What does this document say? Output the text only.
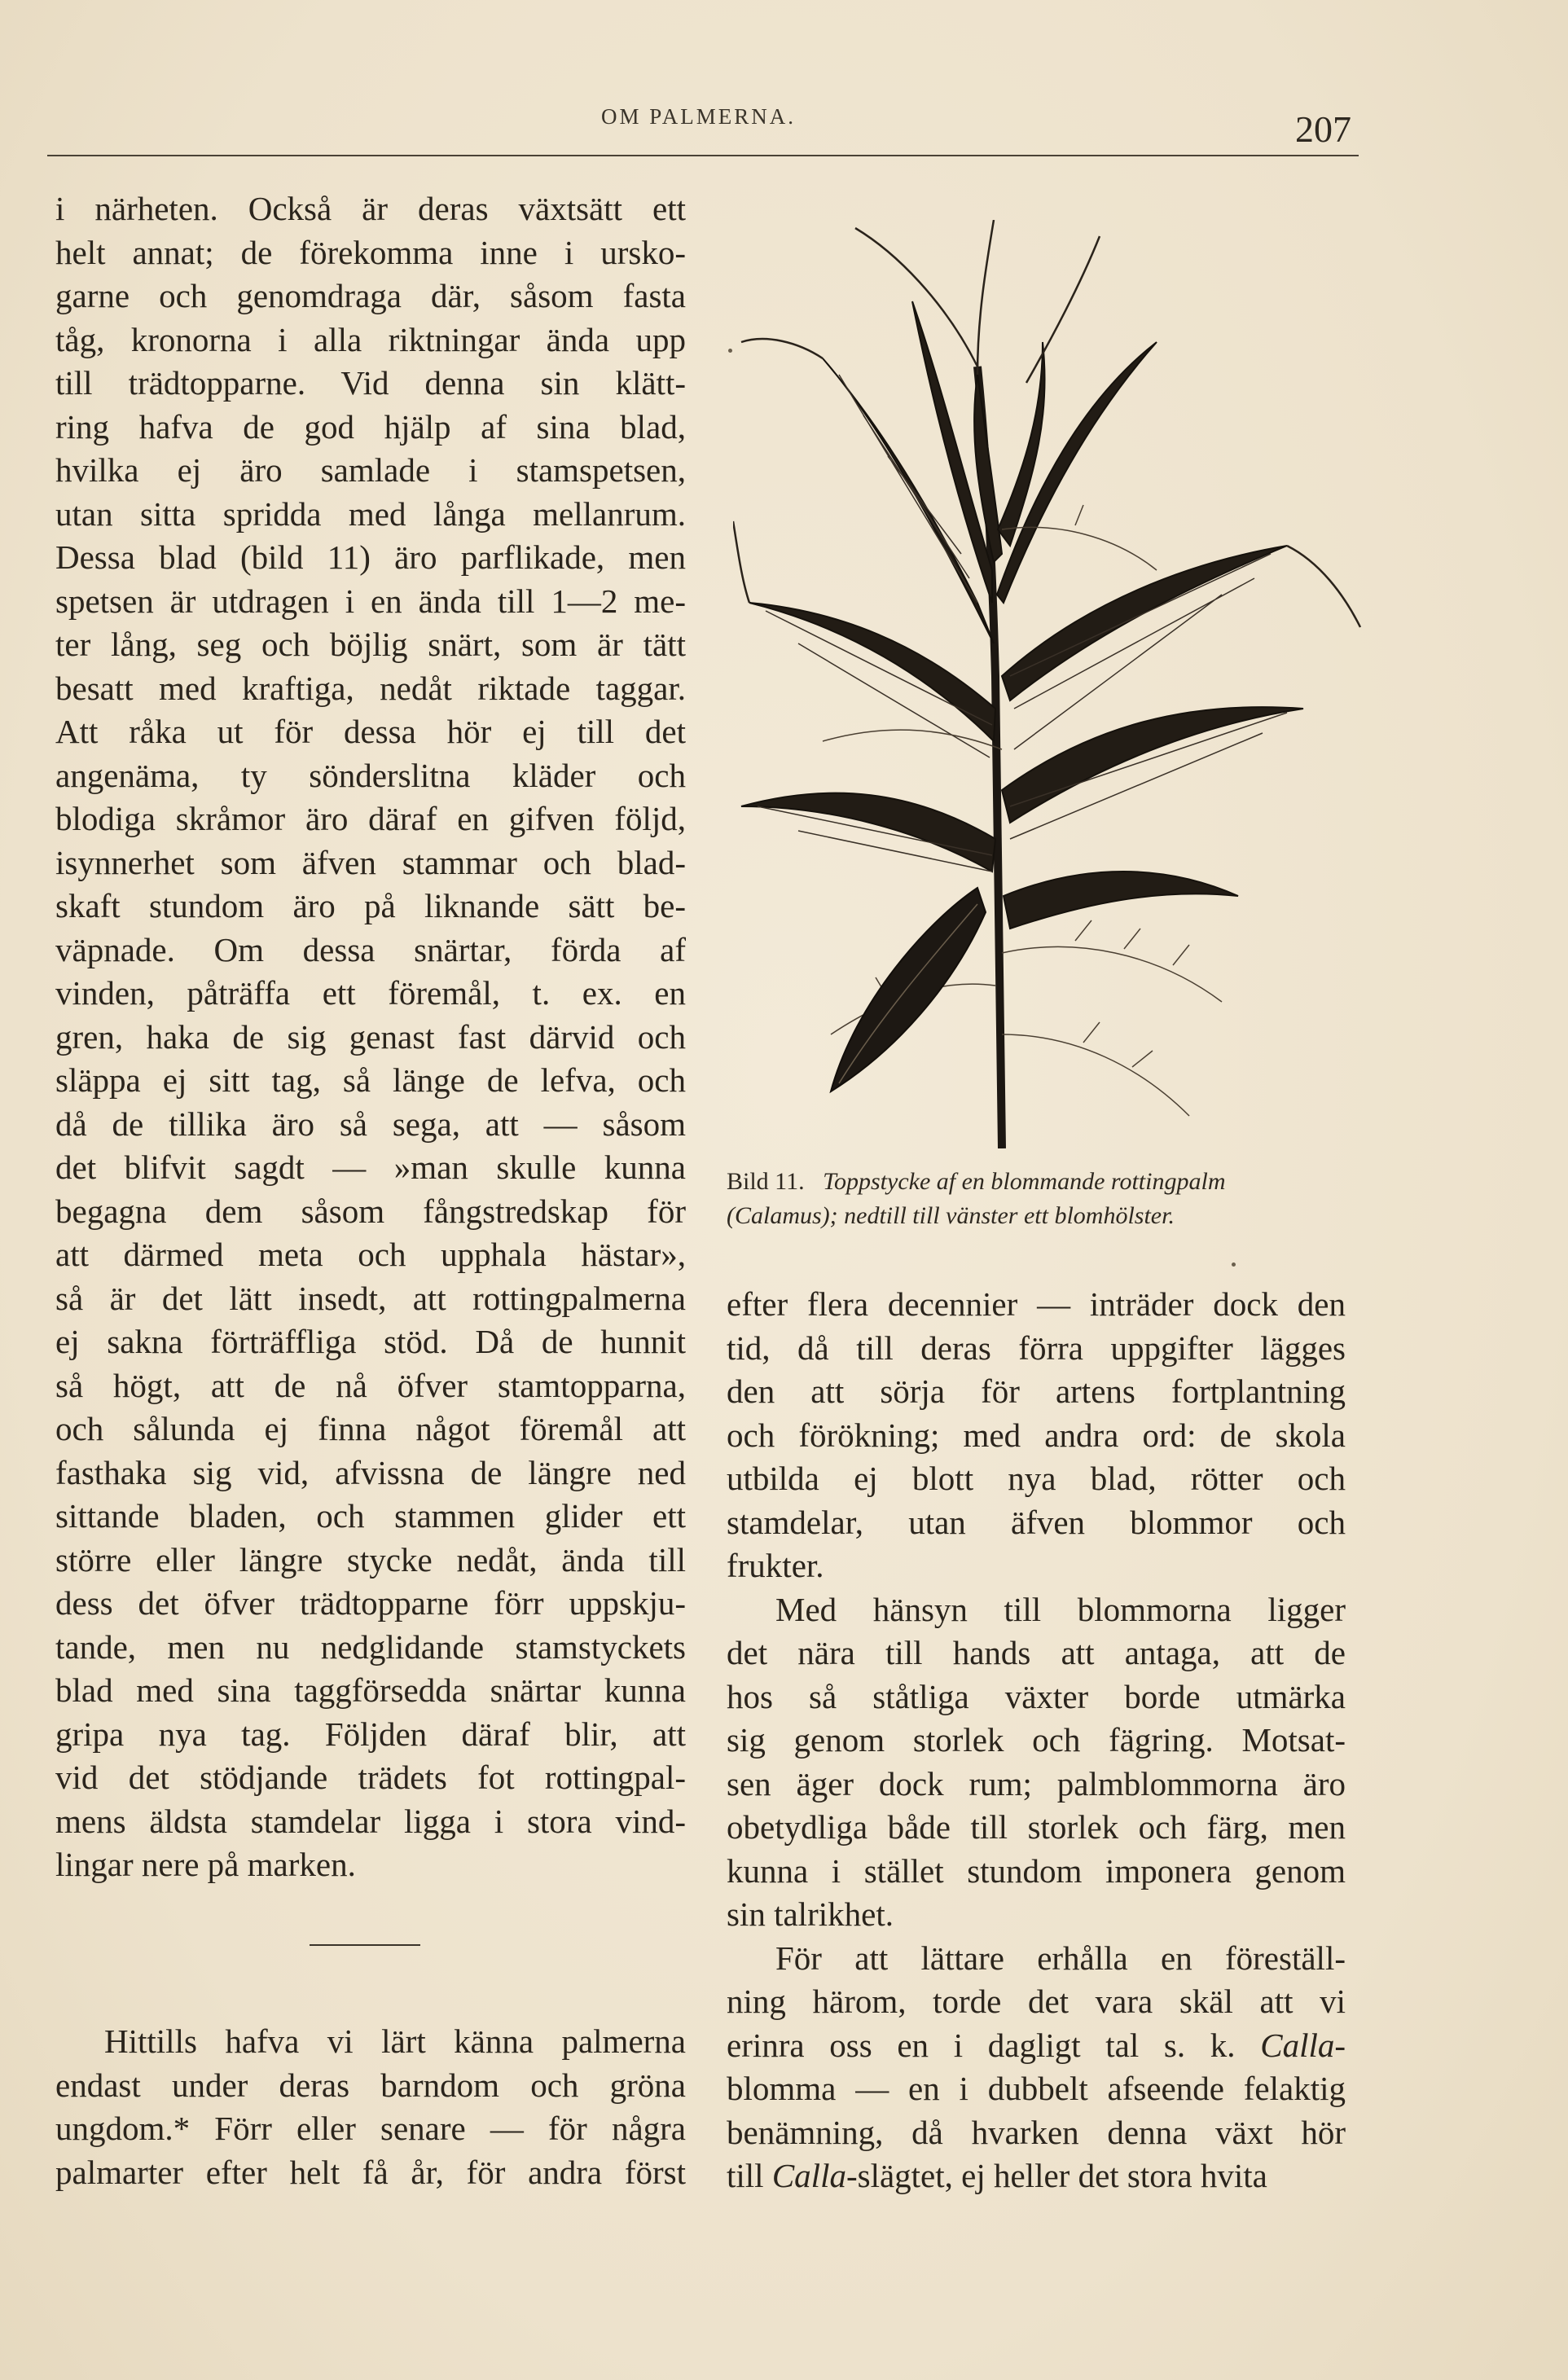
OM PALMERNA.	207
i närheten. Också är deras växtsätt ett
helt annat; de förekomma inne i ursko-
garne och genomdraga där, såsom fasta
tåg, kronorna i alla riktningar ända upp
till trädtopparne. Vid denna sin klätt-
ring hafva de god hjälp af sina blad,
hvilka ej äro samlade i stamspetsen,
utan sitta spridda med långa mellanrum.
Dessa blad (bild 11) äro parflikade, men
spetsen är utdragen i en ända till 1—2 me-
ter lång, seg och böjlig snärt, som är tätt
besatt med kraftiga, nedåt riktade taggar.
Att råka ut för dessa hör ej till det
angenäma, ty sönderslitna kläder och
blodiga skråmor äro däraf en gifven följd,
isynnerhet som äfven stammar och blad-
skaft stundom äro på liknande sätt be-
väpnade. Om dessa snärtar, förda af
vinden, påträffa ett föremål, t. ex. en
gren, haka de sig genast fast därvid och
släppa ej sitt tag, så länge de lefva, och
då de tillika äro så sega, att — såsom
det blifvit sagdt — »man skulle kunna
begagna dem såsom fångstredskap för
att därmed meta och upphala hästar»,
så är det lätt insedt, att rottingpalmerna
ej sakna förträffliga stöd. Då de hunnit
så högt, att de nå öfver stamtopparna,
och sålunda ej finna något föremål att
fasthaka sig vid, afvissna de längre ned
sittande bladen, och stammen glider ett
större eller längre stycke nedåt, ända till
dess det öfver trädtopparne förr uppskju-
tande, men nu nedglidande stamstyckets
blad med sina taggförsedda snärtar kunna
gripa nya tag. Följden däraf blir, att
vid det stödjande trädets fot rottingpal-
mens äldsta stamdelar ligga i stora vind-
lingar nere på marken.
Hittills hafva vi lärt känna palmerna
endast under deras barndom och gröna
ungdom.* Förr eller senare — för några
palmarter efter helt få år, för andra först
Bild 11. Toppstycke af en blommande rottingpalm
(Calamus); nedtill till vänster ett blomhölster.
efter flera decennier — inträder dock den
tid, då till deras förra uppgifter lägges
den att sörja för artens fortplantning
och förökning; med andra ord: de skola
utbilda ej blott nya blad, rötter och
stamdelar, utan äfven blommor och
frukter.
Med hänsyn till blommorna ligger
det nära till hands att antaga, att de
hos så ståtliga växter borde utmärka
sig genom storlek och fägring. Motsat-
sen äger dock rum; palmblommorna äro
obetydliga både till storlek och färg, men
kunna i stället stundom imponera genom
sin talrikhet.
För att lättare erhålla en föreställ-
ning härom, torde det vara skäl att vi
erinra oss en i dagligt tal s. k. Calla-
blomma — en i dubbelt afseende felaktig
benämning, då hvarken denna växt hör
till Calla-slägtet, ej heller det stora hvita
